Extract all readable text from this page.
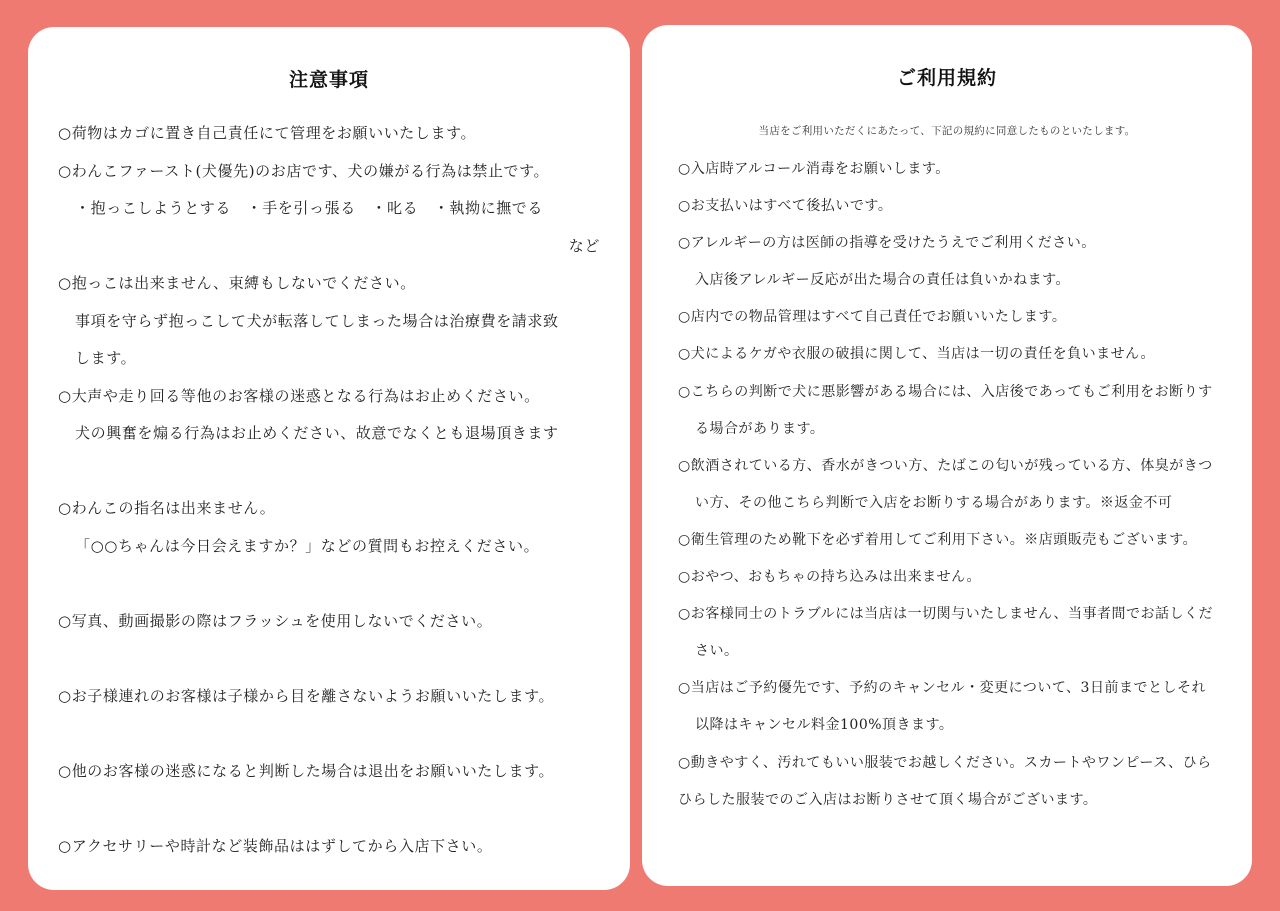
注意事項
○荷物はカゴに置き自己責任にて管理をお願いいたします。
○わんこファースト(犬優先)のお店です、犬の嫌がる行為は禁止です。
・抱っこしようとする　・手を引っ張る　・叱る　・執拗に撫でる
など
○抱っこは出来ません、束縛もしないでください。
事項を守らず抱っこして犬が転落してしまった場合は治療費を請求致
します。
○大声や走り回る等他のお客様の迷惑となる行為はお止めください。
犬の興奮を煽る行為はお止めください、故意でなくとも退場頂きます
○わんこの指名は出来ません。
「○○ちゃんは今日会えますか？」などの質問もお控えください。
○写真、動画撮影の際はフラッシュを使用しないでください。
○お子様連れのお客様は子様から目を離さないようお願いいたします。
○他のお客様の迷惑になると判断した場合は退出をお願いいたします。
○アクセサリーや時計など装飾品ははずしてから入店下さい。
ご利用規約
当店をご利用いただくにあたって、下記の規約に同意したものといたします。
○入店時アルコール消毒をお願いします。
○お支払いはすべて後払いです。
○アレルギーの方は医師の指導を受けたうえでご利用ください。
入店後アレルギー反応が出た場合の責任は負いかねます。
○店内での物品管理はすべて自己責任でお願いいたします。
○犬によるケガや衣服の破損に関して、当店は一切の責任を負いません。
○こちらの判断で犬に悪影響がある場合には、入店後であってもご利用をお断りす
る場合があります。
○飲酒されている方、香水がきつい方、たばこの匂いが残っている方、体臭がきつ
い方、その他こちら判断で入店をお断りする場合があります。※返金不可
○衛生管理のため靴下を必ず着用してご利用下さい。※店頭販売もございます。
○おやつ、おもちゃの持ち込みは出来ません。
○お客様同士のトラブルには当店は一切関与いたしません、当事者間でお話しくだ
さい。
○当店はご予約優先です、予約のキャンセル・変更について、3日前までとしそれ
以降はキャンセル料金100%頂きます。
○動きやすく、汚れてもいい服装でお越しください。スカートやワンピース、ひら
ひらした服装でのご入店はお断りさせて頂く場合がございます。
